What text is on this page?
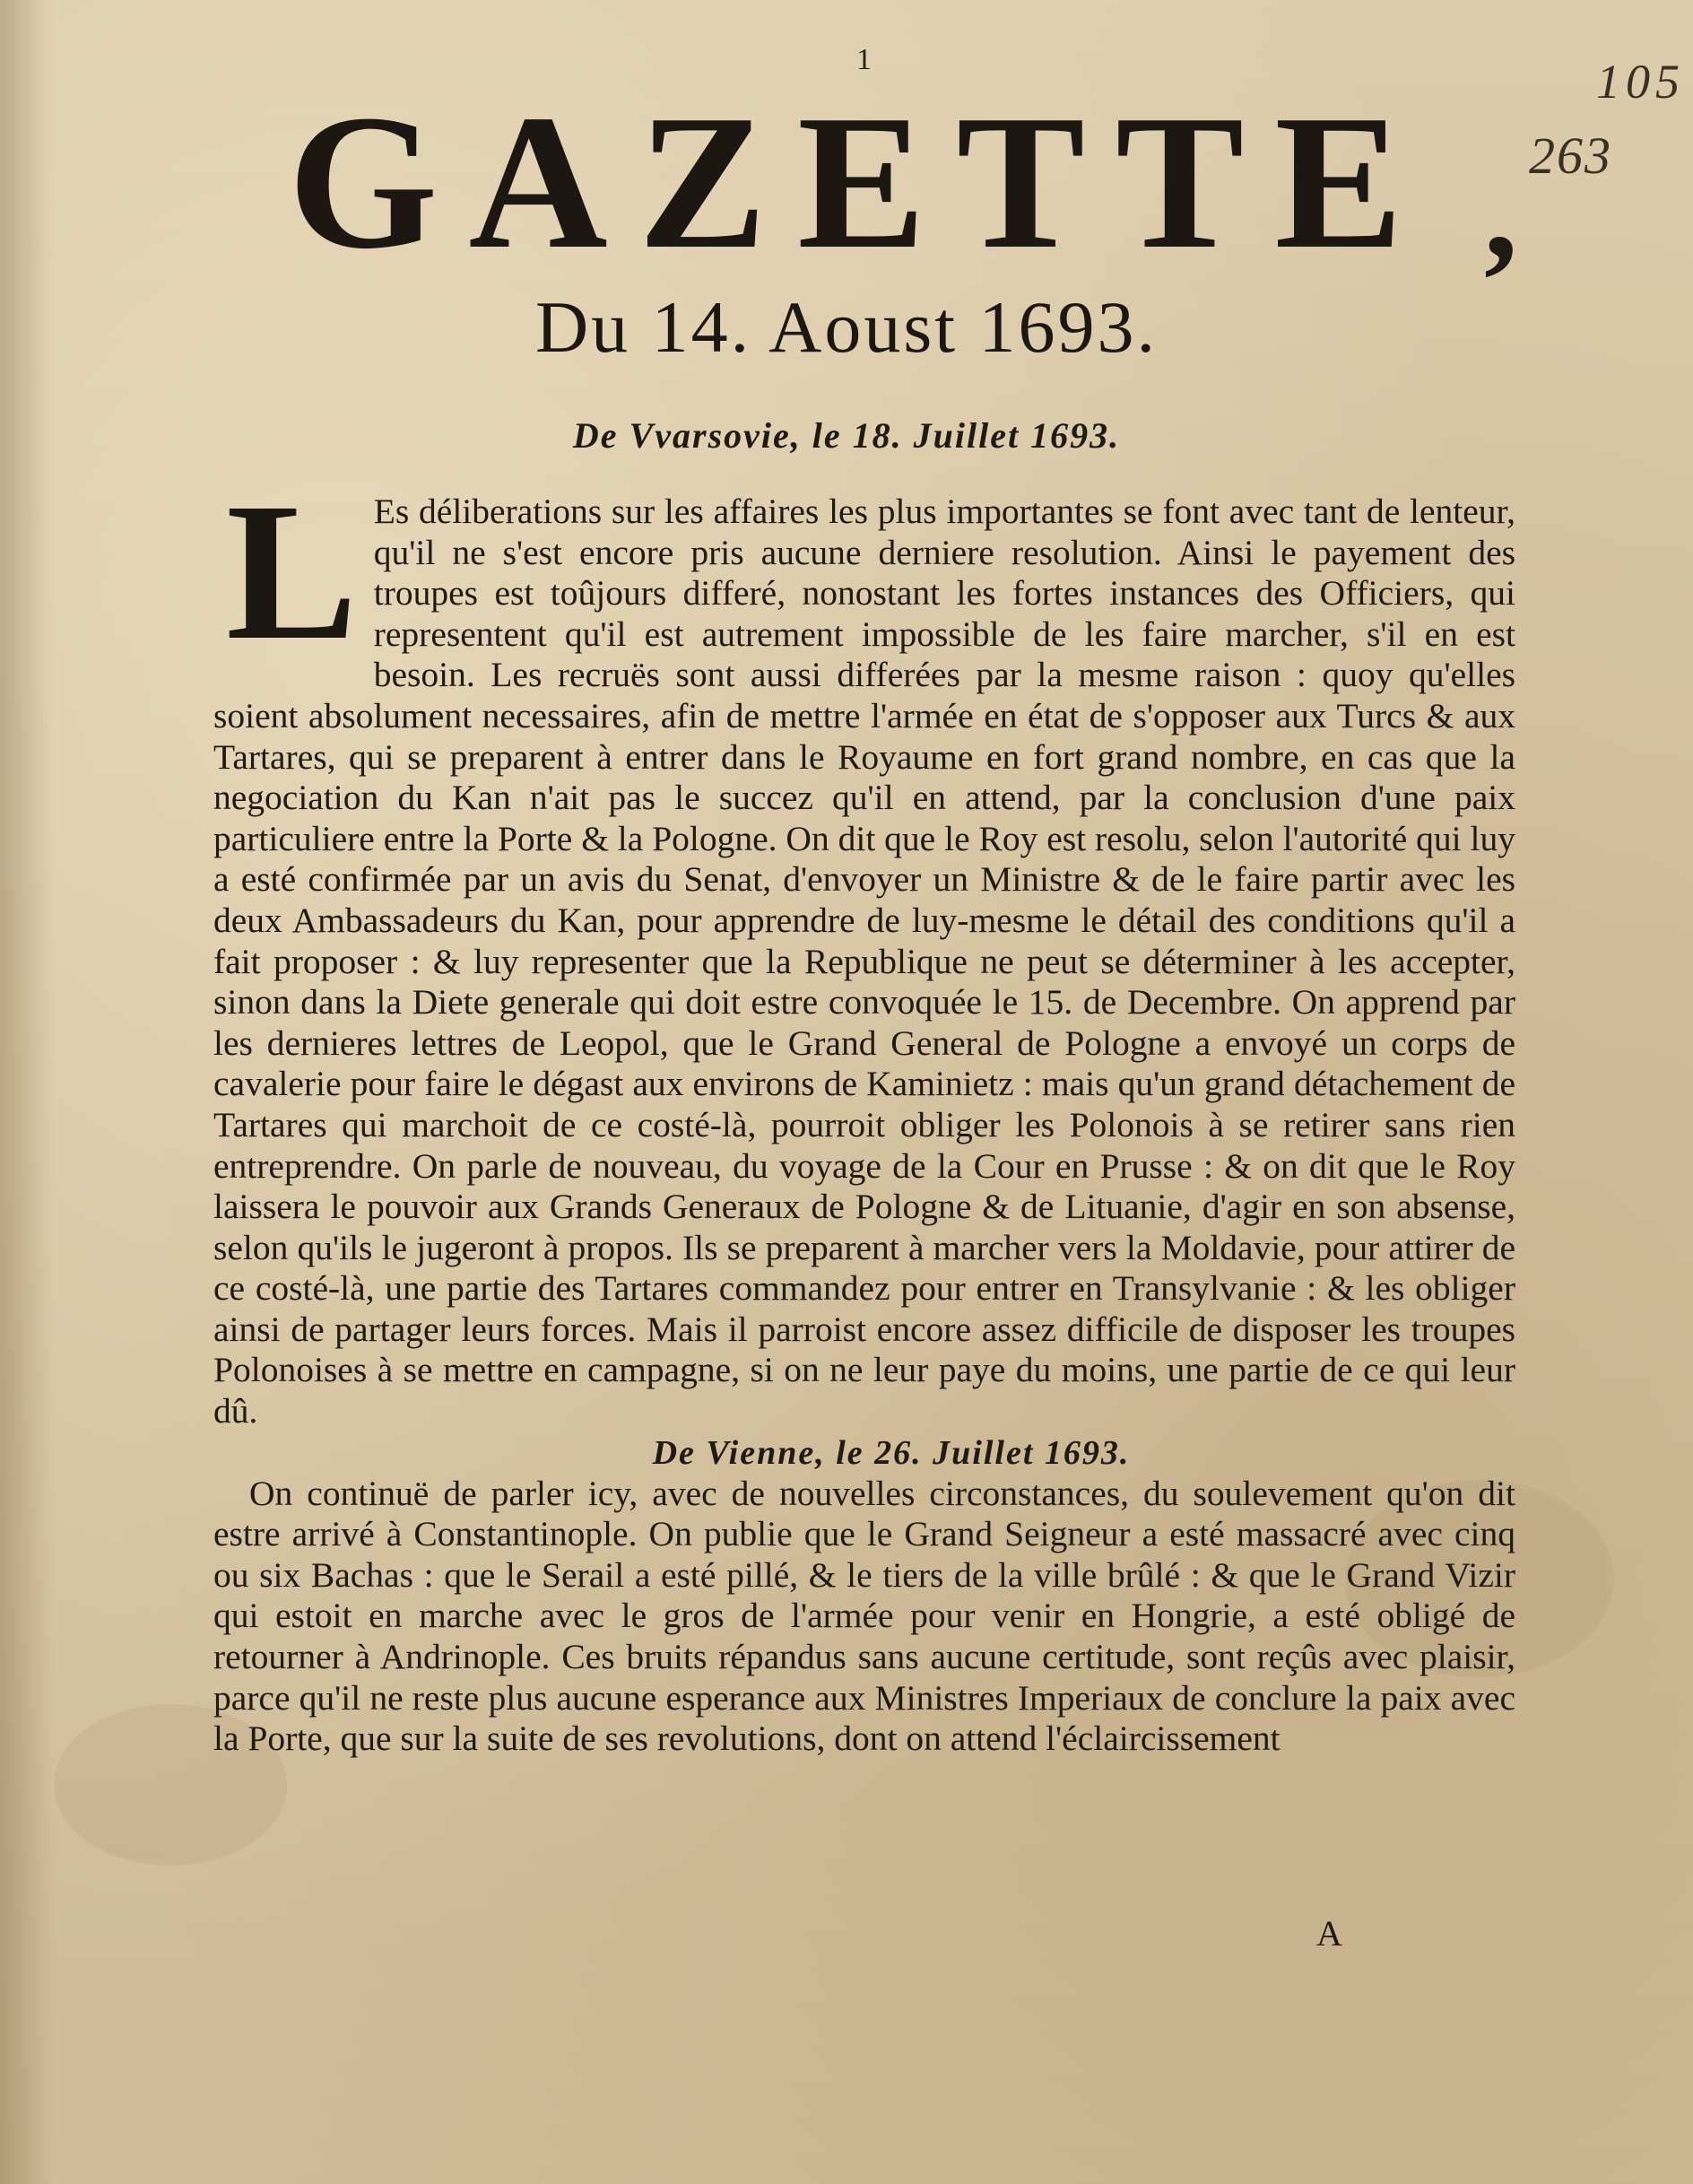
1	105
263
GAZETTE ,
Du 14. Aoust 1693.
De Vvarsovie, le 18. Juillet 1693.
L Es déliberations sur les affaires les plus importantes se font avec tant de lenteur, qu'il ne s'est encore pris aucune derniere resolution. Ainsi le payement des troupes est toûjours differé, nonostant les fortes instances des Officiers, qui representent qu'il est autrement impossible de les faire marcher, s'il en est besoin. Les recruës sont aussi differées par la mesme raison : quoy qu'elles soient absolument necessaires, afin de mettre l'armée en état de s'opposer aux Turcs & aux Tartares, qui se preparent à entrer dans le Royaume en fort grand nombre, en cas que la negociation du Kan n'ait pas le succez qu'il en attend, par la conclusion d'une paix particuliere entre la Porte & la Pologne. On dit que le Roy est resolu, selon l'autorité qui luy a esté confirmée par un avis du Senat, d'envoyer un Ministre & de le faire partir avec les deux Ambassadeurs du Kan, pour apprendre de luy-mesme le détail des conditions qu'il a fait proposer : & luy representer que la Republique ne peut se déterminer à les accepter, sinon dans la Diete generale qui doit estre convoquée le 15. de Decembre. On apprend par les dernieres lettres de Leopol, que le Grand General de Pologne a envoyé un corps de cavalerie pour faire le dégast aux environs de Kaminietz : mais qu'un grand détachement de Tartares qui marchoit de ce costé-là, pourroit obliger les Polonois à se retirer sans rien entreprendre. On parle de nouveau, du voyage de la Cour en Prusse : & on dit que le Roy laissera le pouvoir aux Grands Generaux de Pologne & de Lituanie, d'agir en son absense, selon qu'ils le jugeront à propos. Ils se preparent à marcher vers la Moldavie, pour attirer de ce costé-là, une partie des Tartares commandez pour entrer en Transylvanie : & les obliger ainsi de partager leurs forces. Mais il parroist encore assez difficile de disposer les troupes Polonoises à se mettre en campagne, si on ne leur paye du moins, une partie de ce qui leur dû.

De Vienne, le 26. Juillet 1693.

On continuë de parler icy, avec de nouvelles circonstances, du soulevement qu'on dit estre arrivé à Constantinople. On publie que le Grand Seigneur a esté massacré avec cinq ou six Bachas : que le Serail a esté pillé, & le tiers de la ville brûlé : & que le Grand Vizir qui estoit en marche avec le gros de l'armée pour venir en Hongrie, a esté obligé de retourner à Andrinople. Ces bruits répandus sans aucune certitude, sont reçûs avec plaisir, parce qu'il ne reste plus aucune esperance aux Ministres Imperiaux de conclure la paix avec la Porte, que sur la suite de ses revolutions, dont on attend l'éclaircissement

A
